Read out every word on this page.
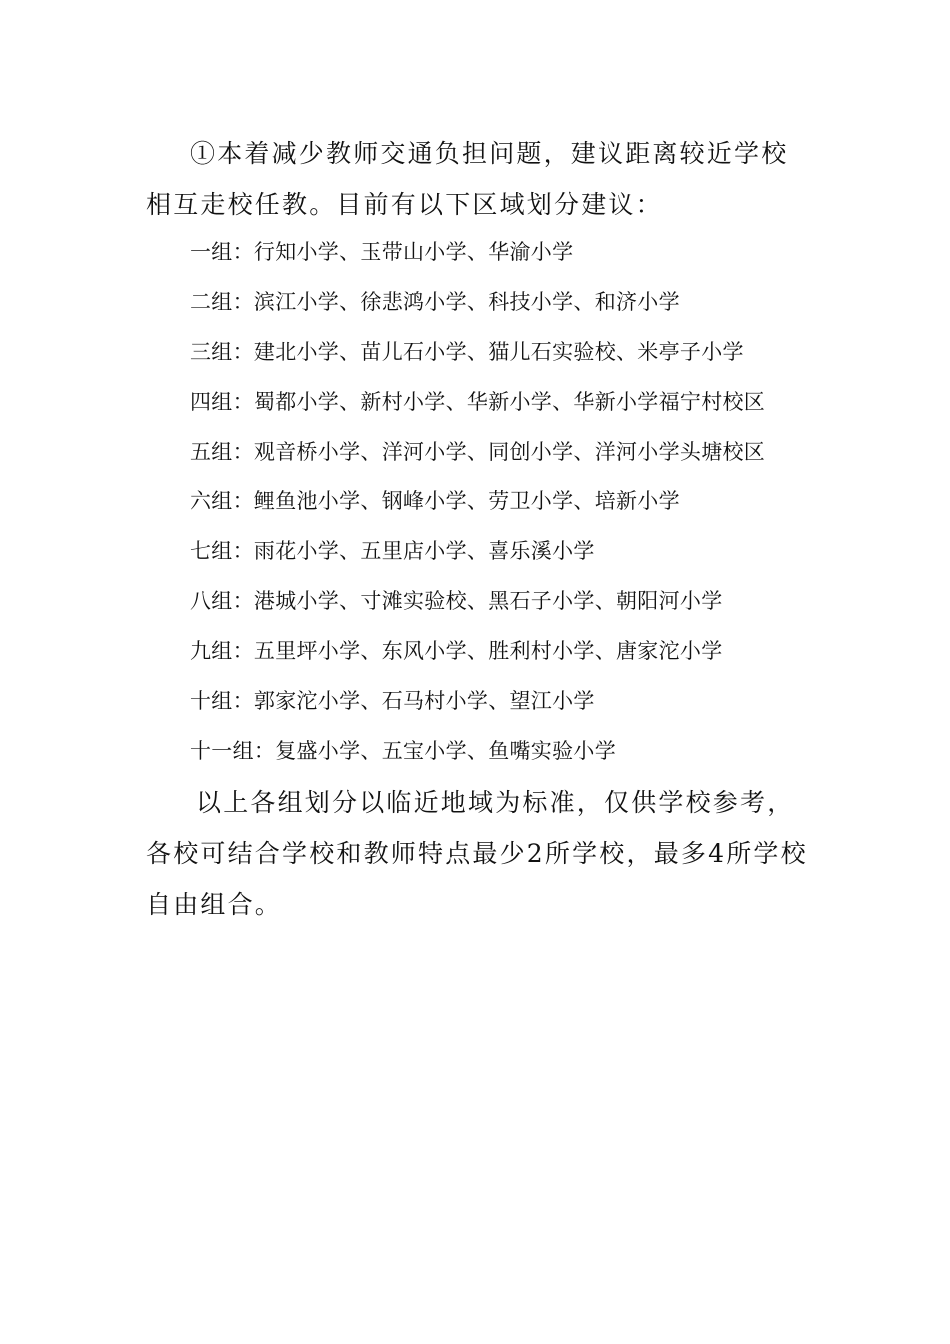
①本着减少教师交通负担问题，建议距离较近学校相互走校任教。目前有以下区域划分建议：

一组：行知小学、玉带山小学、华渝小学
二组：滨江小学、徐悲鸿小学、科技小学、和济小学
三组：建北小学、苗儿石小学、猫儿石实验校、米亭子小学
四组：蜀都小学、新村小学、华新小学、华新小学福宁村校区
五组：观音桥小学、洋河小学、同创小学、洋河小学头塘校区
六组：鲤鱼池小学、钢峰小学、劳卫小学、培新小学
七组：雨花小学、五里店小学、喜乐溪小学
八组：港城小学、寸滩实验校、黑石子小学、朝阳河小学
九组：五里坪小学、东风小学、胜利村小学、唐家沱小学
十组：郭家沱小学、石马村小学、望江小学
十一组：复盛小学、五宝小学、鱼嘴实验小学

以上各组划分以临近地域为标准，仅供学校参考，各校可结合学校和教师特点最少2所学校，最多4所学校自由组合。
